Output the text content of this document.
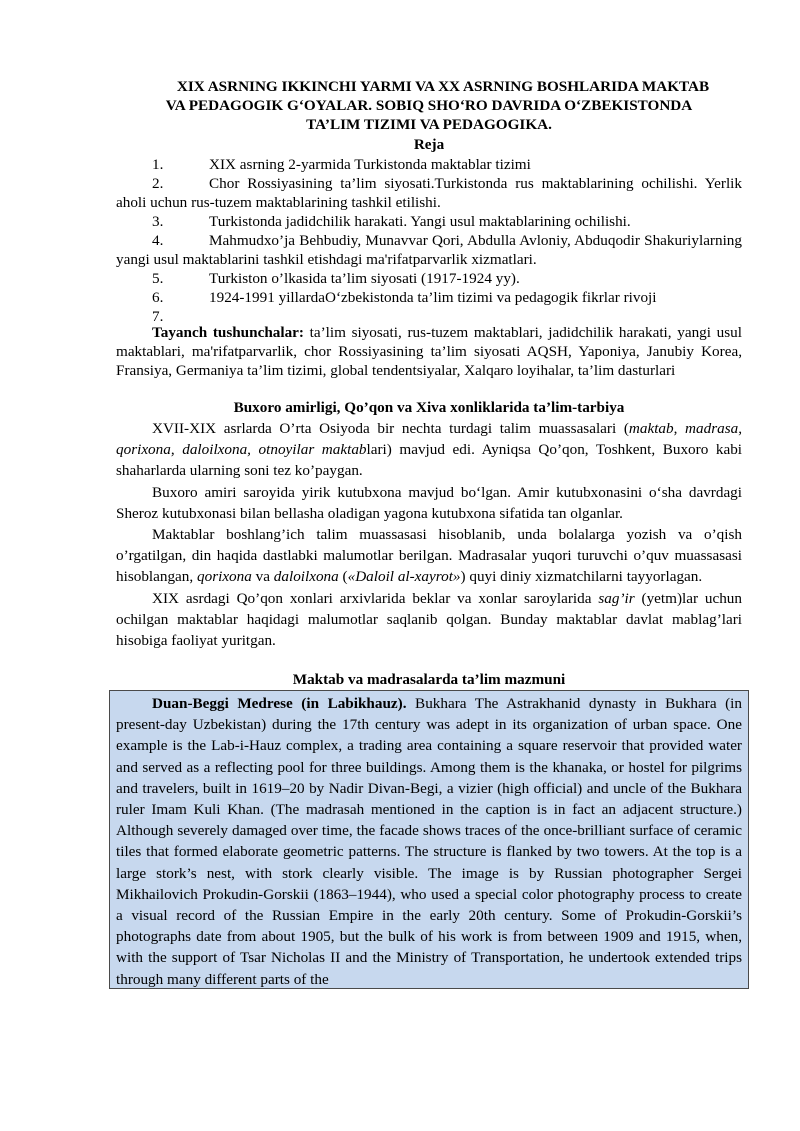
XIX ASRNING IKKINCHI YARMI VA XX ASRNING BOSHLARIDA MAKTAB
VA PEDAGOGIK G‘OYALAR. SOBIQ SHO‘RO DAVRIDA O‘ZBEKISTONDA
TA’LIM TIZIMI VA PEDAGOGIKA.
Reja
1.	XIX asrning 2-yarmida Turkistonda maktablar tizimi
2.	Chor Rossiyasining ta’lim siyosati.Turkistonda rus maktablarining ochilishi. Yerlik aholi uchun rus-tuzem maktablarining tashkil etilishi.
3.	Turkistonda jadidchilik harakati. Yangi usul maktablarining ochilishi.
4.	Mahmudxo’ja Behbudiy, Munavvar Qori, Abdulla Avloniy, Abduqodir Shakuriylarning yangi usul maktablarini tashkil etishdagi ma'rifatparvarlik xizmatlari.
5.	Turkiston o’lkasida ta’lim siyosati (1917-1924 yy).
6.	1924-1991 yillardaO‘zbekistonda ta’lim tizimi va pedagogik fikrlar rivoji
7.

Tayanch tushunchalar: ta’lim siyosati, rus-tuzem maktablari, jadidchilik harakati, yangi usul maktablari, ma'rifatparvarlik, chor Rossiyasining ta’lim siyosati AQSH, Yaponiya, Janubiy Korea, Fransiya, Germaniya ta’lim tizimi, global tendentsiyalar, Xalqaro loyihalar, ta’lim dasturlari

Buxoro amirligi, Qo’qon va Xiva xonliklarida ta’lim-tarbiya

XVII-XIX asrlarda O’rta Osiyoda bir nechta turdagi talim muassasalari (maktab, madrasa, qorixona, daloilxona, otnoyilar maktablari) mavjud edi. Ayniqsa Qo’qon, Toshkent, Buxoro kabi shaharlarda ularning soni tez ko’paygan.

Buxoro amiri saroyida yirik kutubxona mavjud bo‘lgan. Amir kutubxonasini o‘sha davrdagi Sheroz kutubxonasi bilan bellasha oladigan yagona kutubxona sifatida tan olganlar.

Maktablar boshlang’ich talim muassasasi hisoblanib, unda bolalarga yozish va o’qish o’rgatilgan, din haqida dastlabki malumotlar berilgan. Madrasalar yuqori turuvchi o’quv muassasasi hisoblangan, qorixona va daloilxona («Daloil al-xayrot») quyi diniy xizmatchilarni tayyorlagan.

XIX asrdagi Qo’qon xonlari arxivlarida beklar va xonlar saroylarida sag’ir (yetm)lar uchun ochilgan maktablar haqidagi malumotlar saqlanib qolgan. Bunday maktablar davlat mablag’lari hisobiga faoliyat yuritgan.

Maktab va madrasalarda ta’lim mazmuni

Duan-Beggi Medrese (in Labikhauz). Bukhara The Astrakhanid dynasty in Bukhara (in present-day Uzbekistan) during the 17th century was adept in its organization of urban space. One example is the Lab-i-Hauz complex, a trading area containing a square reservoir that provided water and served as a reflecting pool for three buildings. Among them is the khanaka, or hostel for pilgrims and travelers, built in 1619–20 by Nadir Divan-Begi, a vizier (high official) and uncle of the Bukhara ruler Imam Kuli Khan. (The madrasah mentioned in the caption is in fact an adjacent structure.) Although severely damaged over time, the facade shows traces of the once-brilliant surface of ceramic tiles that formed elaborate geometric patterns. The structure is flanked by two towers. At the top is a large stork’s nest, with stork clearly visible. The image is by Russian photographer Sergei Mikhailovich Prokudin-Gorskii (1863–1944), who used a special color photography process to create a visual record of the Russian Empire in the early 20th century. Some of Prokudin-Gorskii’s photographs date from about 1905, but the bulk of his work is from between 1909 and 1915, when, with the support of Tsar Nicholas II and the Ministry of Transportation, he undertook extended trips through many different parts of the
